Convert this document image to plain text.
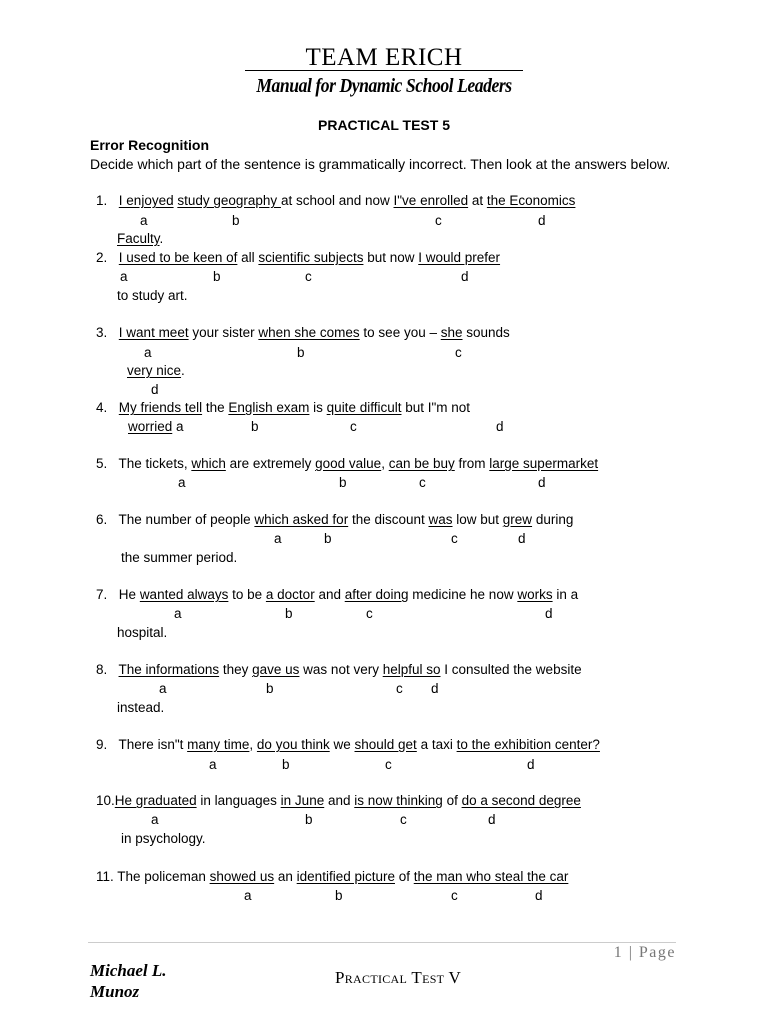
TEAM ERICH
Manual for Dynamic School Leaders
PRACTICAL TEST 5
Error Recognition
Decide which part of the sentence is grammatically incorrect. Then look at the answers below.
1. I enjoyed study geography at school and now I"ve enrolled at the Economics
a	b	c	d
Faculty.
2. I used to be keen of all scientific subjects but now I would prefer
a	b	c	d
to study art.
3. I want meet your sister when she comes to see you – she sounds
a	b	c
very nice.
d
4. My friends tell the English exam is quite difficult but I"m not
worried a	b	c	d
5. The tickets, which are extremely good value, can be buy from large supermarket
a	b	c	d
6. The number of people which asked for the discount was low but grew during
a	b	c	d
the summer period.
7. He wanted always to be a doctor and after doing medicine he now works in a
a	b	c	d
hospital.
8. The informations they gave us was not very helpful so I consulted the website
a	b	c d
instead.
9. There isn"t many time, do you think we should get a taxi to the exhibition center?
a	b	c	d
10.He graduated in languages in June and is now thinking of do a second degree
a	b	c	d
in psychology.
11. The policeman showed us an identified picture of the man who steal the car
a	b	c	d
1 | Page
Michael L. Munoz
Practical Test V
